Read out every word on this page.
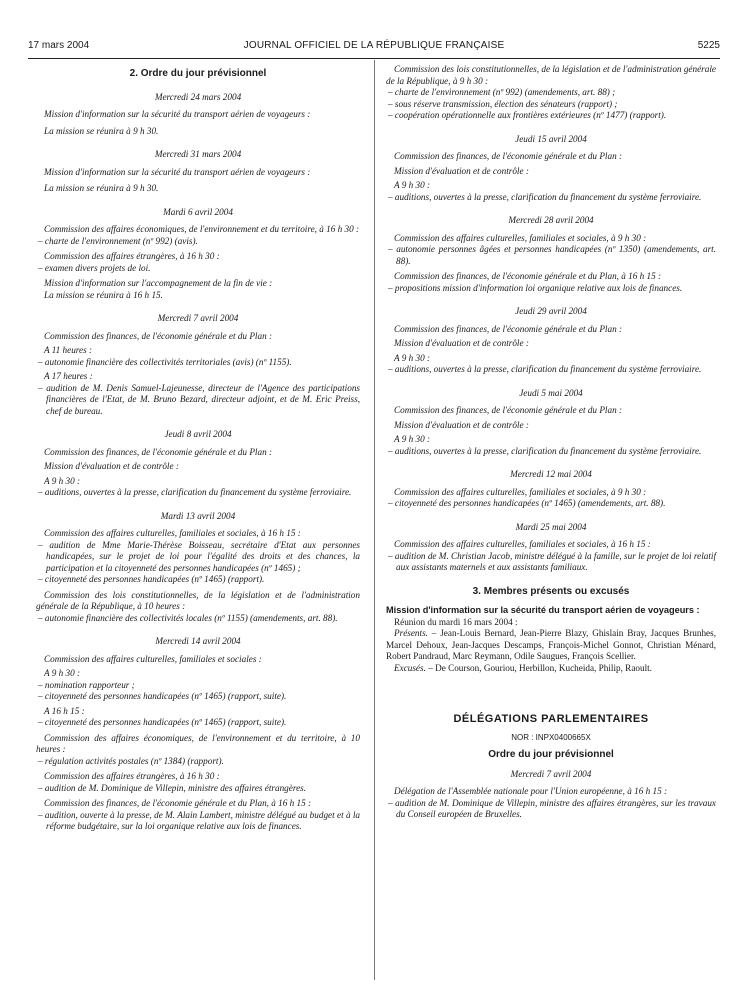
17 mars 2004	JOURNAL OFFICIEL DE LA RÉPUBLIQUE FRANÇAISE	5225
2. Ordre du jour prévisionnel
Mercredi 24 mars 2004

Mission d'information sur la sécurité du transport aérien de voyageurs :

La mission se réunira à 9 h 30.

Mercredi 31 mars 2004

Mission d'information sur la sécurité du transport aérien de voyageurs :

La mission se réunira à 9 h 30.

Mardi 6 avril 2004

Commission des affaires économiques, de l'environnement et du territoire, à 16 h 30 :

– charte de l'environnement (nº 992) (avis).

Commission des affaires étrangères, à 16 h 30 :

– examen divers projets de loi.

Mission d'information sur l'accompagnement de la fin de vie :

La mission se réunira à 16 h 15.

Mercredi 7 avril 2004

Commission des finances, de l'économie générale et du Plan :

A 11 heures :

– autonomie financière des collectivités territoriales (avis) (nº 1155).

A 17 heures :

– audition de M. Denis Samuel-Lajeunesse, directeur de l'Agence des participations financières de l'Etat, de M. Bruno Bezard, directeur adjoint, et de M. Eric Preiss, chef de bureau.

Jeudi 8 avril 2004

Commission des finances, de l'économie générale et du Plan :

Mission d'évaluation et de contrôle :

A 9 h 30 :

– auditions, ouvertes à la presse, clarification du financement du système ferroviaire.

Mardi 13 avril 2004

Commission des affaires culturelles, familiales et sociales, à 16 h 15 :

– audition de Mme Marie-Thérèse Boisseau, secrétaire d'Etat aux personnes handicapées, sur le projet de loi pour l'égalité des droits et des chances, la participation et la citoyenneté des personnes handicapées (nº 1465) ;

– citoyenneté des personnes handicapées (nº 1465) (rapport).

Commission des lois constitutionnelles, de la législation et de l'administration générale de la République, à 10 heures :

– autonomie financière des collectivités locales (nº 1155) (amendements, art. 88).

Mercredi 14 avril 2004

Commission des affaires culturelles, familiales et sociales :

A 9 h 30 :

– nomination rapporteur ;

– citoyenneté des personnes handicapées (nº 1465) (rapport, suite).

A 16 h 15 :

– citoyenneté des personnes handicapées (nº 1465) (rapport, suite).

Commission des affaires économiques, de l'environnement et du territoire, à 10 heures :

– régulation activités postales (nº 1384) (rapport).

Commission des affaires étrangères, à 16 h 30 :

– audition de M. Dominique de Villepin, ministre des affaires étrangères.

Commission des finances, de l'économie générale et du Plan, à 16 h 15 :

– audition, ouverte à la presse, de M. Alain Lambert, ministre délégué au budget et à la réforme budgétaire, sur la loi organique relative aux lois de finances.

Commission des lois constitutionnelles, de la législation et de l'administration générale de la République, à 9 h 30 :

– charte de l'environnement (nº 992) (amendements, art. 88) ;

– sous réserve transmission, élection des sénateurs (rapport) ;

– coopération opérationnelle aux frontières extérieures (nº 1477) (rapport).

Jeudi 15 avril 2004

Commission des finances, de l'économie générale et du Plan :

Mission d'évaluation et de contrôle :

A 9 h 30 :

– auditions, ouvertes à la presse, clarification du financement du système ferroviaire.

Mercredi 28 avril 2004

Commission des affaires culturelles, familiales et sociales, à 9 h 30 :

– autonomie personnes âgées et personnes handicapées (nº 1350) (amendements, art. 88).

Commission des finances, de l'économie générale et du Plan, à 16 h 15 :

– propositions mission d'information loi organique relative aux lois de finances.

Jeudi 29 avril 2004

Commission des finances, de l'économie générale et du Plan :

Mission d'évaluation et de contrôle :

A 9 h 30 :

– auditions, ouvertes à la presse, clarification du financement du système ferroviaire.

Jeudi 5 mai 2004

Commission des finances, de l'économie générale et du Plan :

Mission d'évaluation et de contrôle :

A 9 h 30 :

– auditions, ouvertes à la presse, clarification du financement du système ferroviaire.

Mercredi 12 mai 2004

Commission des affaires culturelles, familiales et sociales, à 9 h 30 :

– citoyenneté des personnes handicapées (nº 1465) (amendements, art. 88).

Mardi 25 mai 2004

Commission des affaires culturelles, familiales et sociales, à 16 h 15 :

– audition de M. Christian Jacob, ministre délégué à la famille, sur le projet de loi relatif aux assistants maternels et aux assistants familiaux.

3. Membres présents ou excusés

Mission d'information sur la sécurité du transport aérien de voyageurs :

Réunion du mardi 16 mars 2004 :

Présents. – Jean-Louis Bernard, Jean-Pierre Blazy, Ghislain Bray, Jacques Brunhes, Marcel Dehoux, Jean-Jacques Descamps, François-Michel Gonnot, Christian Ménard, Robert Pandraud, Marc Reymann, Odile Saugues, François Scellier.

Excusés. – De Courson, Gouriou, Herbillon, Kucheida, Philip, Raoult.

DÉLÉGATIONS PARLEMENTAIRES
NOR : INPX0400665X
Ordre du jour prévisionnel
Mercredi 7 avril 2004

Délégation de l'Assemblée nationale pour l'Union européenne, à 16 h 15 :

– audition de M. Dominique de Villepin, ministre des affaires étrangères, sur les travaux du Conseil européen de Bruxelles.
